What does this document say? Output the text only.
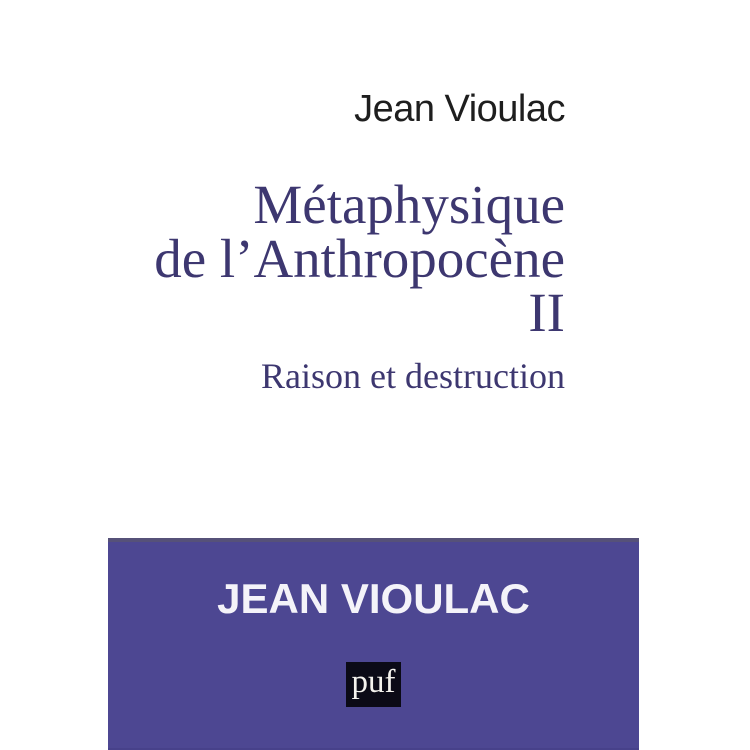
Jean Vioulac
Métaphysique
de l’Anthropocène
II
Raison et destruction
JEAN VIOULAC
puf
